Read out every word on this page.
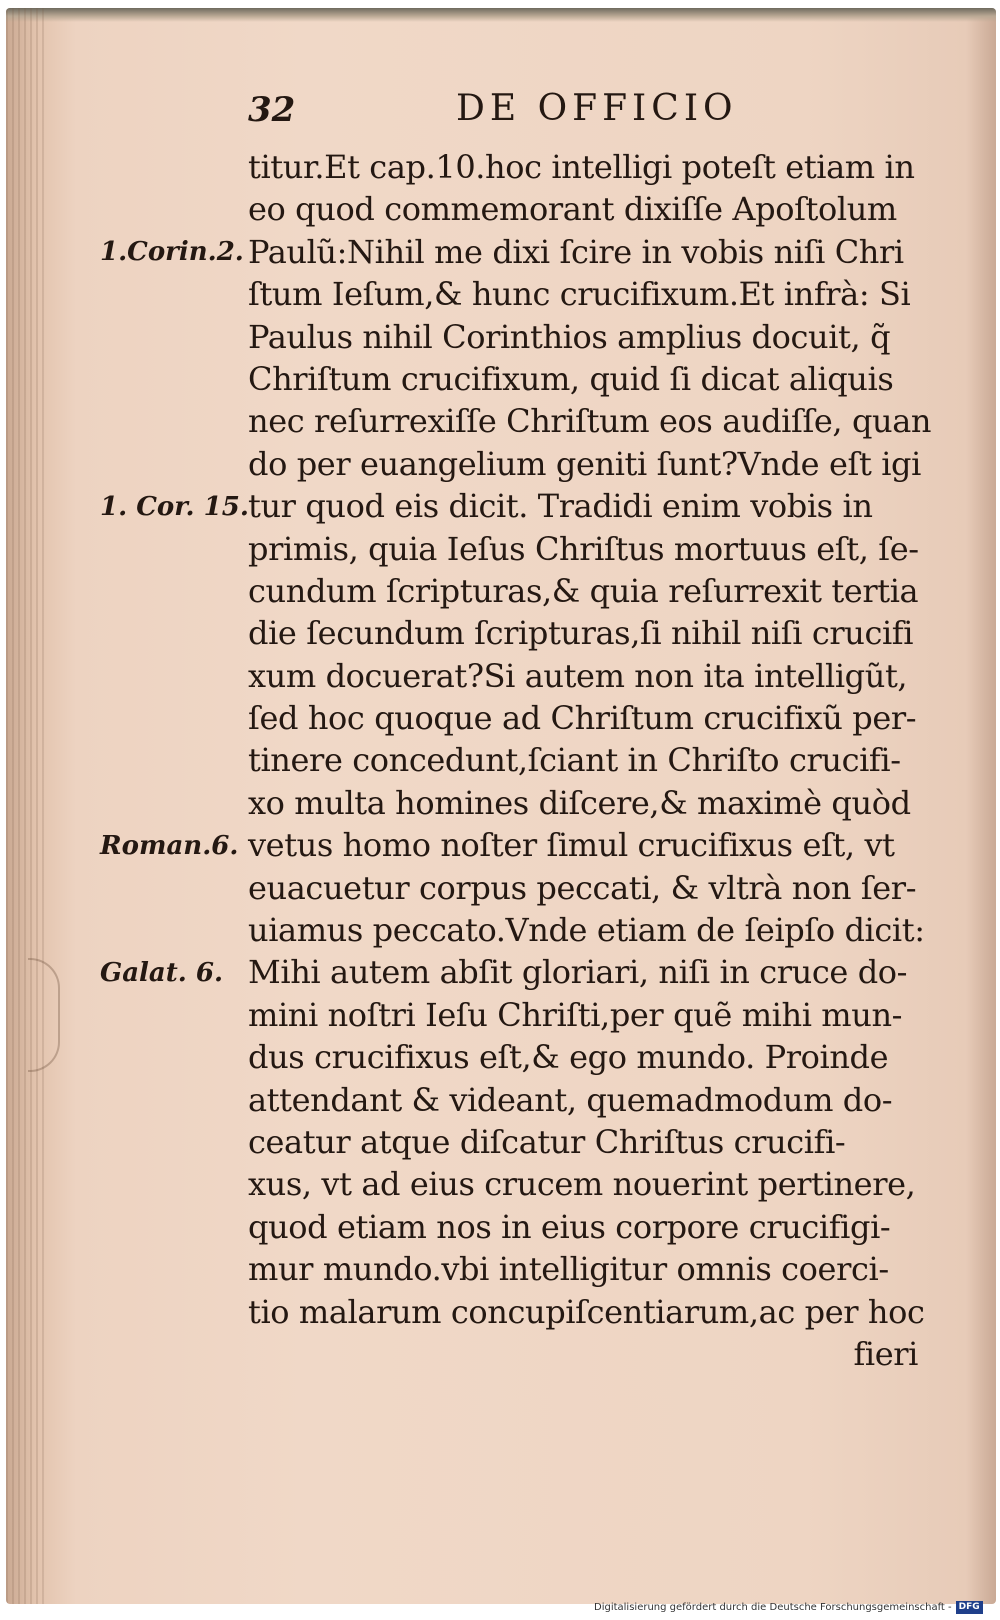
32	DE OFFICIO
1.Corin.2.
1. Cor. 15.
Roman.6.
Galat. 6.
titur.Et cap.10.hoc intelligi poteſt etiam in
eo quod commemorant dixiſſe Apoſtolum
Paulũ:Nihil me dixi ſcire in vobis niſi Chri
ſtum Ieſum,& hunc crucifixum.Et infrà: Si
Paulus nihil Corinthios amplius docuit, q̃
Chriſtum crucifixum, quid ſi dicat aliquis
nec reſurrexiſſe Chriſtum eos audiſſe, quan
do per euangelium geniti ſunt?Vnde eſt igi
tur quod eis dicit. Tradidi enim vobis in
primis, quia Ieſus Chriſtus mortuus eſt, ſe-
cundum ſcripturas,& quia reſurrexit tertia
die ſecundum ſcripturas,ſi nihil niſi crucifi
xum docuerat?Si autem non ita intelligũt,
ſed hoc quoque ad Chriſtum crucifixũ per-
tinere concedunt,ſciant in Chriſto crucifi-
xo multa homines diſcere,& maximè quòd
vetus homo noſter ſimul crucifixus eſt, vt
euacuetur corpus peccati, & vltrà non ſer-
uiamus peccato.Vnde etiam de ſeipſo dicit:
Mihi autem abſit gloriari, niſi in cruce do-
mini noſtri Ieſu Chriſti,per quẽ mihi mun-
dus crucifixus eſt,& ego mundo. Proinde
attendant & videant, quemadmodum do-
ceatur atque diſcatur Chriſtus crucifi-
xus, vt ad eius crucem nouerint pertinere,
quod etiam nos in eius corpore crucifigi-
mur mundo.vbi intelligitur omnis coerci-
tio malarum concupiſcentiarum,ac per hoc
fieri
Digitalisierung gefördert durch die Deutsche Forschungsgemeinschaft - DFG
